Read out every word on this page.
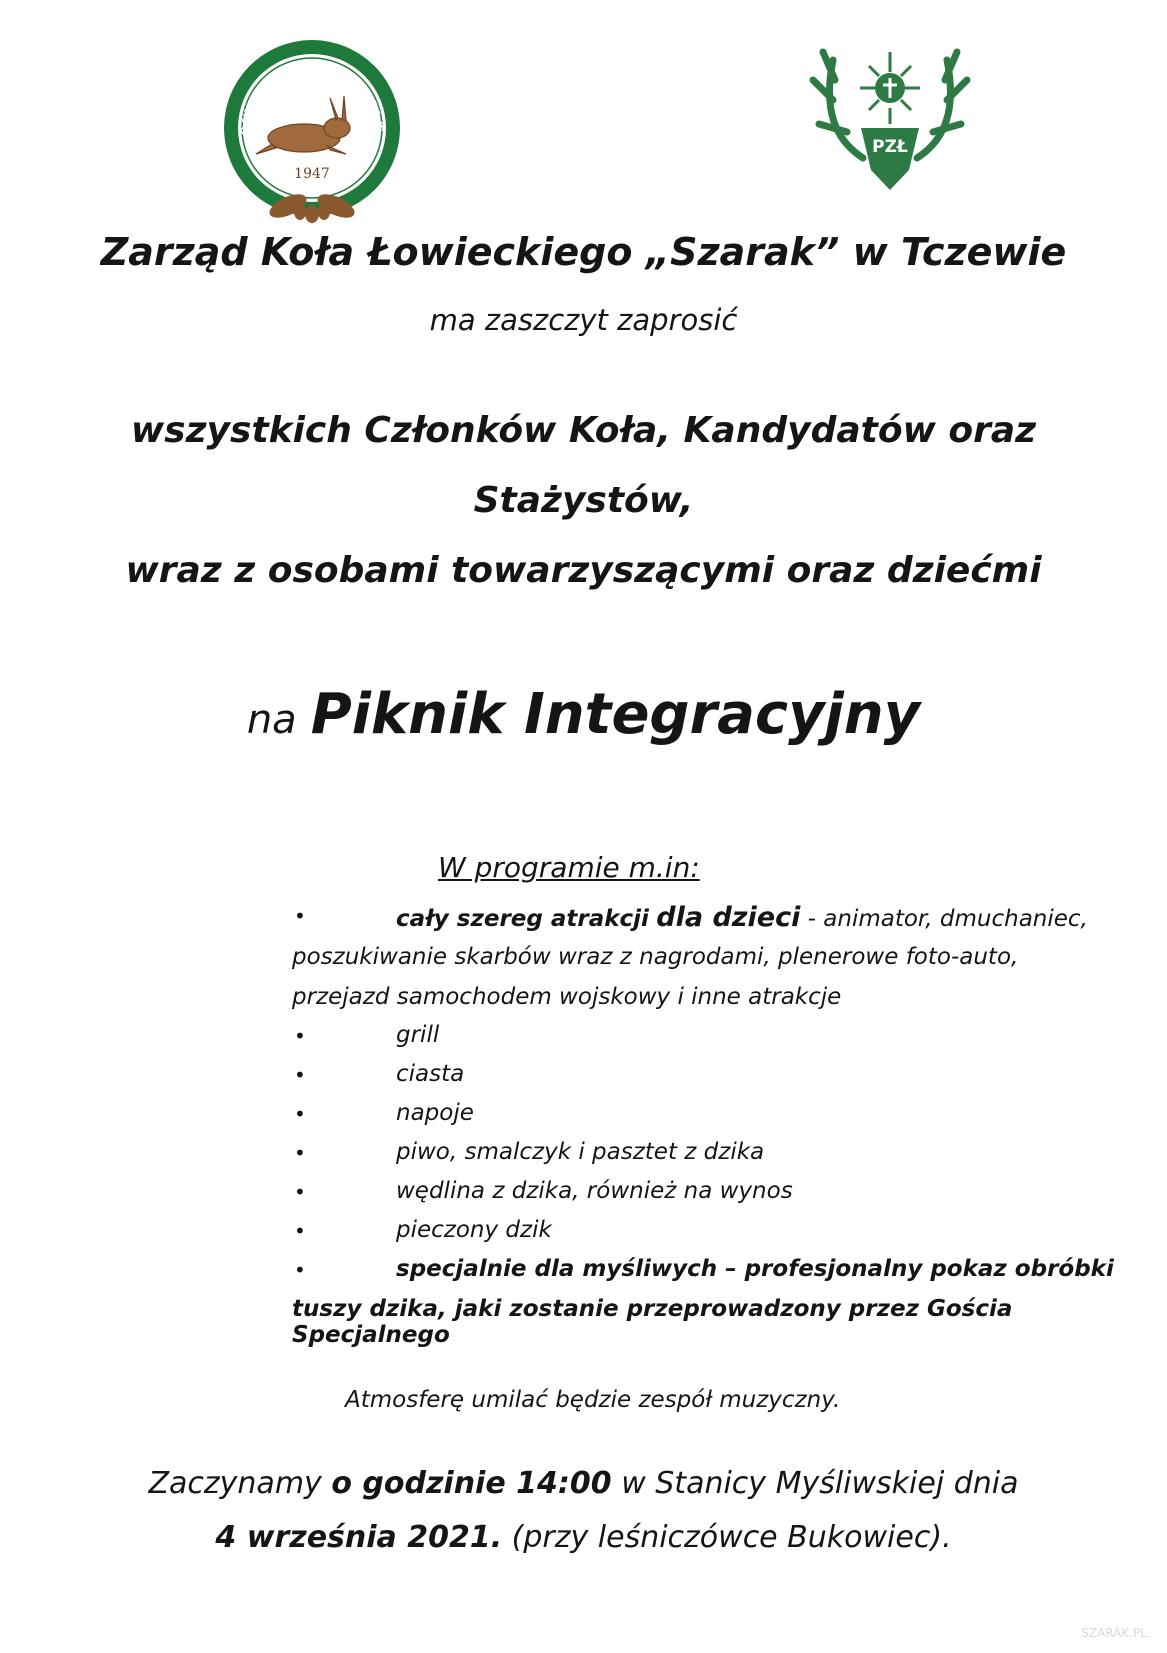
OWIECKIE "SZARAK" W T
1947
PZŁ

Zarząd Koła Łowieckiego „Szarak” w Tczewie

ma zaszczyt zaprosić

wszystkich Członków Koła, Kandydatów oraz

Stażystów,

wraz z osobami towarzyszącymi oraz dziećmi

na Piknik Integracyjny

W programie m.in:

•	cały szereg atrakcji dla dzieci - animator, dmuchaniec,
poszukiwanie skarbów wraz z nagrodami, plenerowe foto-auto,
przejazd samochodem wojskowy i inne atrakcje
•	grill
•	ciasta
•	napoje
•	piwo, smalczyk i pasztet z dzika
•	wędlina z dzika, również na wynos
•	pieczony dzik
•	specjalnie dla myśliwych – profesjonalny pokaz obróbki
tuszy dzika, jaki zostanie przeprowadzony przez Gościa Specjalnego

Atmosferę umilać będzie zespół muzyczny.

Zaczynamy o godzinie 14:00 w Stanicy Myśliwskiej dnia

4 września 2021. (przy leśniczówce Bukowiec).

SZARAK.PL
